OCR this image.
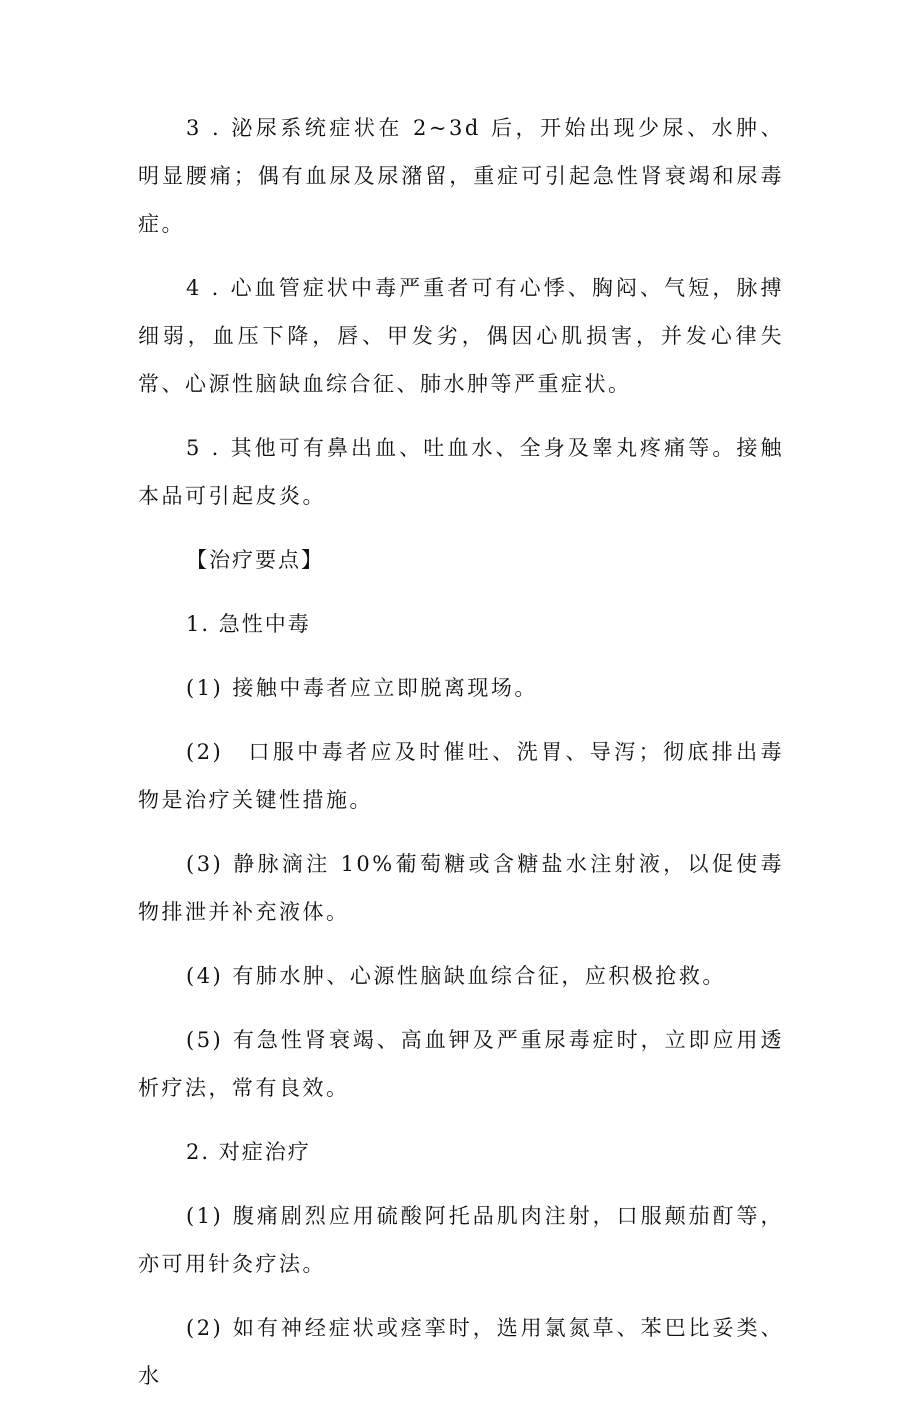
3 . 泌尿系统症状在 2~3d 后，开始出现少尿、水肿、明显腰痛；偶有血尿及尿潴留，重症可引起急性肾衰竭和尿毒症。

4 . 心血管症状中毒严重者可有心悸、胸闷、气短，脉搏细弱，血压下降，唇、甲发劣，偶因心肌损害，并发心律失常、心源性脑缺血综合征、肺水肿等严重症状。

5 . 其他可有鼻出血、吐血水、全身及睾丸疼痛等。接触本品可引起皮炎。

【治疗要点】

1. 急性中毒

(1) 接触中毒者应立即脱离现场。

(2)　口服中毒者应及时催吐、洗胃、导泻；彻底排出毒物是治疗关键性措施。

(3) 静脉滴注 10%葡萄糖或含糖盐水注射液，以促使毒物排泄并补充液体。

(4) 有肺水肿、心源性脑缺血综合征，应积极抢救。

(5) 有急性肾衰竭、高血钾及严重尿毒症时，立即应用透析疗法，常有良效。

2. 对症治疗

(1) 腹痛剧烈应用硫酸阿托品肌肉注射，口服颠茄酊等，亦可用针灸疗法。

(2) 如有神经症状或痉挛时，选用氯氮草、苯巴比妥类、水
